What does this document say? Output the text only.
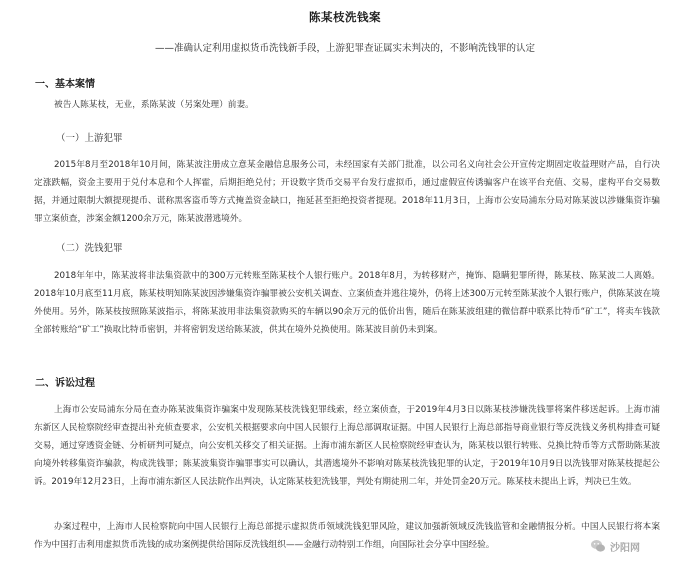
陈某枝洗钱案
——准确认定利用虚拟货币洗钱新手段，上游犯罪查证属实未判决的，不影响洗钱罪的认定
一、基本案情

被告人陈某枝，无业，系陈某波（另案处理）前妻。

（一）上游犯罪

2015年8月至2018年10月间，陈某波注册成立意某金融信息服务公司，未经国家有关部门批准，以公司名义向社会公开宣传定期固定收益理财产品，自行决定涨跌幅，资金主要用于兑付本息和个人挥霍，后期拒绝兑付；开设数字货币交易平台发行虚拟币，通过虚假宣传诱骗客户在该平台充值、交易，虚构平台交易数据，并通过限制大额提现提币、谎称黑客盗币等方式掩盖资金缺口，拖延甚至拒绝投资者提现。2018年11月3日，上海市公安局浦东分局对陈某波以涉嫌集资诈骗罪立案侦查，涉案金额1200余万元，陈某波潜逃境外。

（二）洗钱犯罪

2018年年中，陈某波将非法集资款中的300万元转账至陈某枝个人银行账户。2018年8月，为转移财产，掩饰、隐瞒犯罪所得，陈某枝、陈某波二人离婚。2018年10月底至11月底，陈某枝明知陈某波因涉嫌集资诈骗罪被公安机关调查、立案侦查并逃往境外，仍将上述300万元转至陈某波个人银行账户，供陈某波在境外使用。另外，陈某枝按照陈某波指示，将陈某波用非法集资款购买的车辆以90余万元的低价出售，随后在陈某波组建的微信群中联系比特币“矿工”，将卖车钱款全部转账给“矿工”换取比特币密钥，并将密钥发送给陈某波，供其在境外兑换使用。陈某波目前仍未到案。

二、诉讼过程

上海市公安局浦东分局在查办陈某波集资诈骗案中发现陈某枝洗钱犯罪线索，经立案侦查，于2019年4月3日以陈某枝涉嫌洗钱罪将案件移送起诉。上海市浦东新区人民检察院经审查提出补充侦查要求，公安机关根据要求向中国人民银行上海总部调取证据。中国人民银行上海总部指导商业银行等反洗钱义务机构排查可疑交易，通过穿透资金链、分析研判可疑点，向公安机关移交了相关证据。上海市浦东新区人民检察院经审查认为，陈某枝以银行转账、兑换比特币等方式帮助陈某波向境外转移集资诈骗款，构成洗钱罪；陈某波集资诈骗罪事实可以确认，其潜逃境外不影响对陈某枝洗钱犯罪的认定，于2019年10月9日以洗钱罪对陈某枝提起公诉。2019年12月23日，上海市浦东新区人民法院作出判决，认定陈某枝犯洗钱罪，判处有期徒刑二年，并处罚金20万元。陈某枝未提出上诉，判决已生效。

办案过程中，上海市人民检察院向中国人民银行上海总部提示虚拟货币领域洗钱犯罪风险，建议加强新领域反洗钱监管和金融情报分析。中国人民银行将本案作为中国打击利用虚拟货币洗钱的成功案例提供给国际反洗钱组织——金融行动特别工作组，向国际社会分享中国经验。	沙阳网
